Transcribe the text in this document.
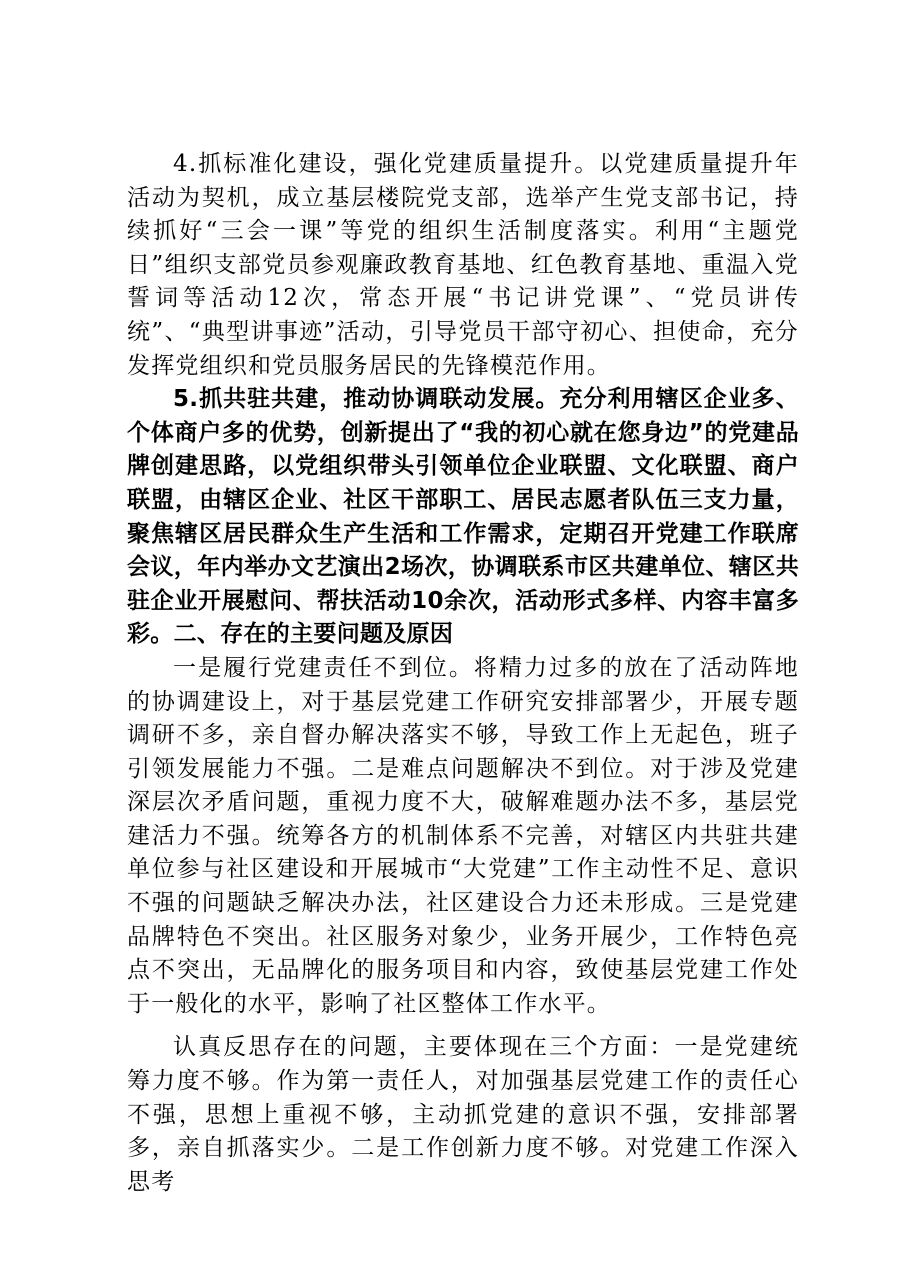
4.抓标准化建设，强化党建质量提升。以党建质量提升年活动为契机，成立基层楼院党支部，选举产生党支部书记，持续抓好“三会一课”等党的组织生活制度落实。利用“主题党日”组织支部党员参观廉政教育基地、红色教育基地、重温入党誓词等活动12次，常态开展“书记讲党课”、“党员讲传统”、“典型讲事迹”活动，引导党员干部守初心、担使命，充分发挥党组织和党员服务居民的先锋模范作用。

5.抓共驻共建，推动协调联动发展。充分利用辖区企业多、个体商户多的优势，创新提出了“我的初心就在您身边”的党建品牌创建思路，以党组织带头引领单位企业联盟、文化联盟、商户联盟，由辖区企业、社区干部职工、居民志愿者队伍三支力量，聚焦辖区居民群众生产生活和工作需求，定期召开党建工作联席会议，年内举办文艺演出2场次，协调联系市区共建单位、辖区共驻企业开展慰问、帮扶活动10余次，活动形式多样、内容丰富多彩。二、存在的主要问题及原因

一是履行党建责任不到位。将精力过多的放在了活动阵地的协调建设上，对于基层党建工作研究安排部署少，开展专题调研不多，亲自督办解决落实不够，导致工作上无起色，班子引领发展能力不强。二是难点问题解决不到位。对于涉及党建深层次矛盾问题，重视力度不大，破解难题办法不多，基层党建活力不强。统筹各方的机制体系不完善，对辖区内共驻共建单位参与社区建设和开展城市“大党建”工作主动性不足、意识不强的问题缺乏解决办法，社区建设合力还未形成。三是党建品牌特色不突出。社区服务对象少，业务开展少，工作特色亮点不突出，无品牌化的服务项目和内容，致使基层党建工作处于一般化的水平，影响了社区整体工作水平。

认真反思存在的问题，主要体现在三个方面：一是党建统筹力度不够。作为第一责任人，对加强基层党建工作的责任心不强，思想上重视不够，主动抓党建的意识不强，安排部署多，亲自抓落实少。二是工作创新力度不够。对党建工作深入思考
